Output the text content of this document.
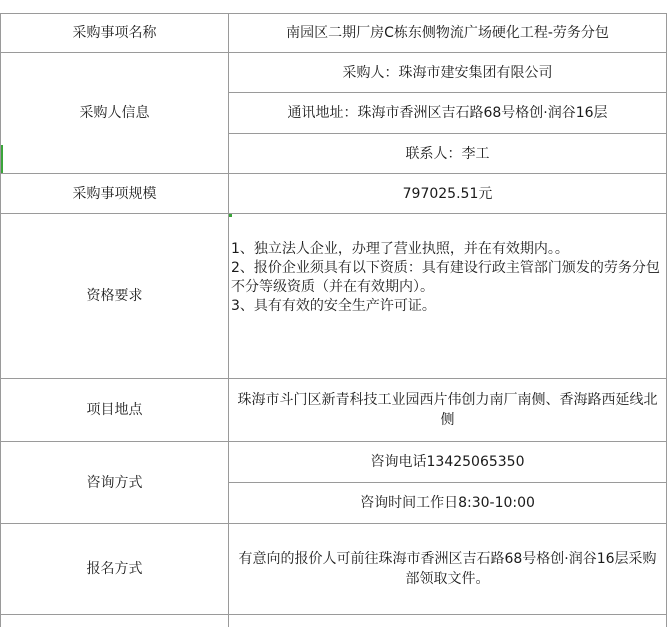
采购事项名称	南园区二期厂房C栋东侧物流广场硬化工程-劳务分包
采购人信息
采购人：珠海市建安集团有限公司
通讯地址：珠海市香洲区吉石路68号格创·润谷16层
联系人：李工
采购事项规模	797025.51元
资格要求
1、独立法人企业，办理了营业执照，并在有效期内。。
2、报价企业须具有以下资质：具有建设行政主管部门颁发的劳务分包不分等级资质（并在有效期内）。
3、具有有效的安全生产许可证。
项目地点
珠海市斗门区新青科技工业园西片伟创力南厂南侧、香海路西延线北侧
咨询方式
咨询电话13425065350
咨询时间工作日8:30-10:00
报名方式
有意向的报价人可前往珠海市香洲区吉石路68号格创·润谷16层采购部领取文件。
